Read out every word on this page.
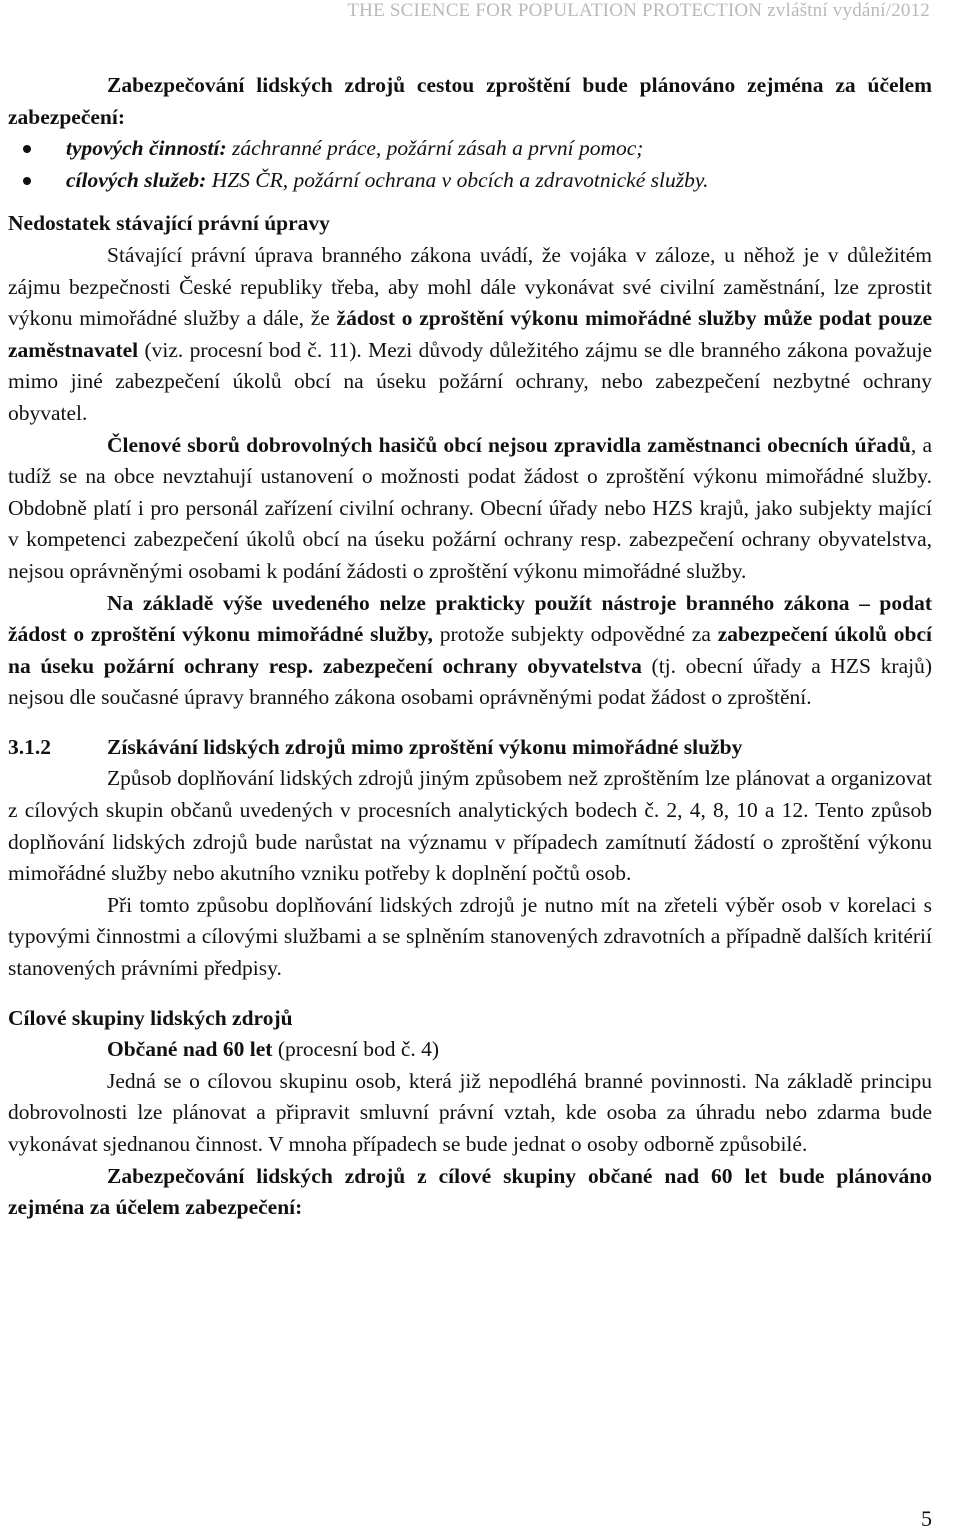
THE SCIENCE FOR POPULATION PROTECTION zvláštní vydání/2012

Zabezpečování lidských zdrojů cestou zproštění bude plánováno zejména za účelem zabezpečení:

typových činností: záchranné práce, požární zásah a první pomoc;
cílových služeb: HZS ČR, požární ochrana v obcích a zdravotnické služby.
Nedostatek stávající právní úpravy

Stávající právní úprava branného zákona uvádí, že vojáka v záloze, u něhož je v důležitém zájmu bezpečnosti České republiky třeba, aby mohl dále vykonávat své civilní zaměstnání, lze zprostit výkonu mimořádné služby a dále, že žádost o zproštění výkonu mimořádné služby může podat pouze zaměstnavatel (viz. procesní bod č. 11). Mezi důvody důležitého zájmu se dle branného zákona považuje mimo jiné zabezpečení úkolů obcí na úseku požární ochrany, nebo zabezpečení nezbytné ochrany obyvatel.

Členové sborů dobrovolných hasičů obcí nejsou zpravidla zaměstnanci obecních úřadů, a tudíž se na obce nevztahují ustanovení o možnosti podat žádost o zproštění výkonu mimořádné služby. Obdobně platí i pro personál zařízení civilní ochrany. Obecní úřady nebo HZS krajů, jako subjekty mající v kompetenci zabezpečení úkolů obcí na úseku požární ochrany resp. zabezpečení ochrany obyvatelstva, nejsou oprávněnými osobami k podání žádosti o zproštění výkonu mimořádné služby.

Na základě výše uvedeného nelze prakticky použít nástroje branného zákona – podat žádost o zproštění výkonu mimořádné služby, protože subjekty odpovědné za zabezpečení úkolů obcí na úseku požární ochrany resp. zabezpečení ochrany obyvatelstva (tj. obecní úřady a HZS krajů) nejsou dle současné úpravy branného zákona osobami oprávněnými podat žádost o zproštění.

3.1.2	Získávání lidských zdrojů mimo zproštění výkonu mimořádné služby

Způsob doplňování lidských zdrojů jiným způsobem než zproštěním lze plánovat a organizovat z cílových skupin občanů uvedených v procesních analytických bodech č. 2, 4, 8, 10 a 12. Tento způsob doplňování lidských zdrojů bude narůstat na významu v případech zamítnutí žádostí o zproštění výkonu mimořádné služby nebo akutního vzniku potřeby k doplnění počtů osob.

Při tomto způsobu doplňování lidských zdrojů je nutno mít na zřeteli výběr osob v korelaci s typovými činnostmi a cílovými službami a se splněním stanovených zdravotních a případně dalších kritérií stanovených právními předpisy.

Cílové skupiny lidských zdrojů

Občané nad 60 let (procesní bod č. 4)

Jedná se o cílovou skupinu osob, která již nepodléhá branné povinnosti. Na základě principu dobrovolnosti lze plánovat a připravit smluvní právní vztah, kde osoba za úhradu nebo zdarma bude vykonávat sjednanou činnost. V mnoha případech se bude jednat o osoby odborně způsobilé.

Zabezpečování lidských zdrojů z cílové skupiny občané nad 60 let bude plánováno zejména za účelem zabezpečení:

5
